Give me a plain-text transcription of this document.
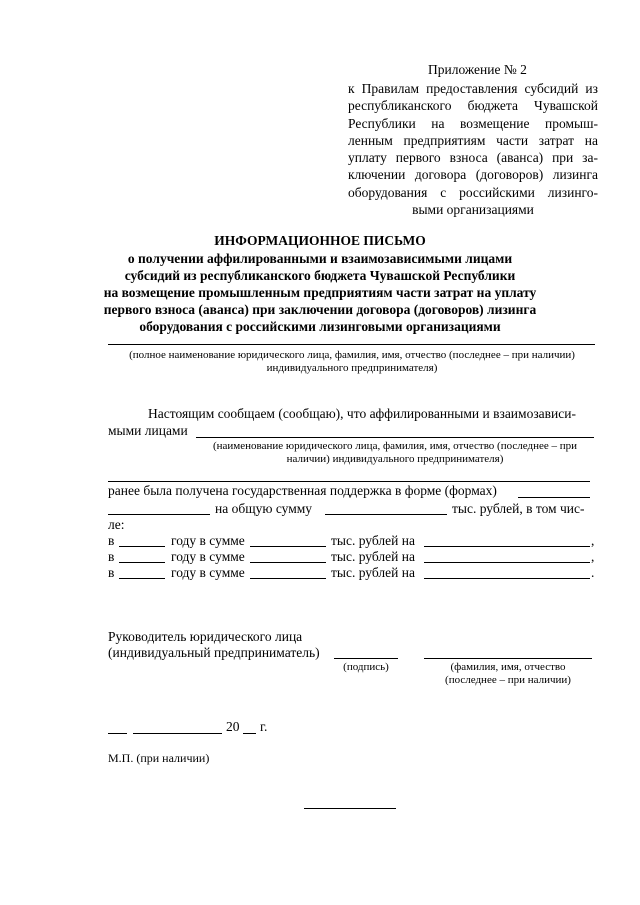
Приложение № 2
к Правилам предоставления субсидий из
республиканского бюджета Чувашской
Республики на возмещение промыш-
ленным предприятиям части затрат на
уплату первого взноса (аванса) при за-
ключении договора (договоров) лизинга
оборудования с российскими лизинго-
выми организациями
ИНФОРМАЦИОННОЕ ПИСЬМО
о получении аффилированными и взаимозависимыми лицами
субсидий из республиканского бюджета Чувашской Республики
на возмещение промышленным предприятиям части затрат на уплату
первого взноса (аванса) при заключении договора (договоров) лизинга
оборудования с российскими лизинговыми организациями
(полное наименование юридического лица, фамилия, имя, отчество (последнее – при наличии)
индивидуального предпринимателя)
Настоящим сообщаем (сообщаю), что аффилированными и взаимозависи-
мыми лицами
(наименование юридического лица, фамилия, имя, отчество (последнее – при
наличии) индивидуального предпринимателя)
ранее была получена государственная поддержка в форме (формах)
на общую сумму	тыс. рублей, в том чис-
ле:
в	году в сумме	тыс. рублей на	,
в	году в сумме	тыс. рублей на	,
в	году в сумме	тыс. рублей на	.
Руководитель юридического лица
(индивидуальный предприниматель)
(подпись)	(фамилия, имя, отчество
(последнее – при наличии)
20 г.
М.П. (при наличии)
